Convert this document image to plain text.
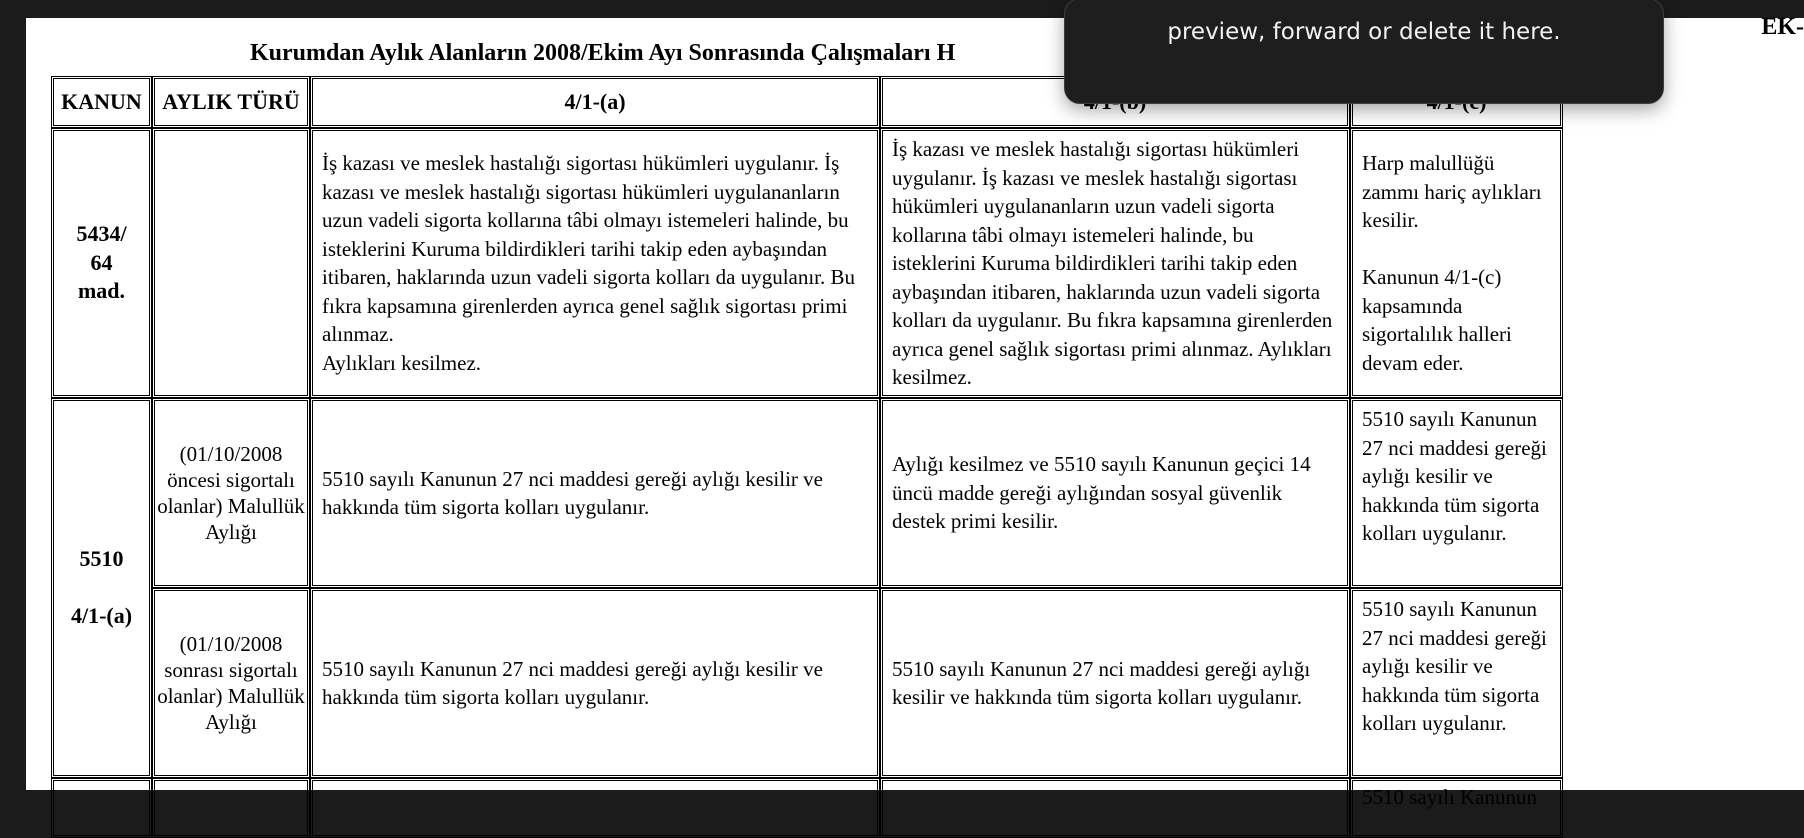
EK-
Kurumdan Aylık Alanların 2008/Ekim Ayı Sonrasında Çalışmaları H
KANUN AYLIK TÜRÜ	4/1-(a)
5434/ 64
mad.
İş kazası ve meslek hastalığı sigortası hükümleri uygulanır. İş kazası ve meslek hastalığı sigortası hükümleri uygulananların uzun vadeli sigorta kollarına tâbi olmayı istemeleri halinde, bu isteklerini Kuruma bildirdikleri tarihi takip eden aybaşından itibaren, haklarında uzun vadeli sigorta kolları da uygulanır. Bu fıkra kapsamına girenlerden ayrıca genel sağlık sigortası primi alınmaz.
Aylıkları kesilmez.
İş kazası ve meslek hastalığı sigortası hükümleri uygulanır. İş kazası ve meslek hastalığı sigortası hükümleri uygulananların uzun vadeli sigorta kollarına tâbi olmayı istemeleri halinde, bu isteklerini Kuruma bildirdikleri tarihi takip eden aybaşından itibaren, haklarında uzun vadeli sigorta kolları da uygulanır. Bu fıkra kapsamına girenlerden ayrıca genel sağlık sigortası primi alınmaz. Aylıkları kesilmez.
Harp malullüğü zammı hariç aylıkları kesilir.

Kanunun 4/1-(c) kapsamında sigortalılık halleri devam eder.
5510

4/1-(a)
(01/10/2008 öncesi sigortalı olanlar) Malullük Aylığı
5510 sayılı Kanunun 27 nci maddesi gereği aylığı kesilir ve hakkında tüm sigorta kolları uygulanır.
Aylığı kesilmez ve 5510 sayılı Kanunun geçici 14 üncü madde gereği aylığından sosyal güvenlik destek primi kesilir.
5510 sayılı Kanunun 27 nci maddesi gereği aylığı kesilir ve hakkında tüm sigorta kolları uygulanır.
(01/10/2008 sonrası sigortalı olanlar) Malullük Aylığı
5510 sayılı Kanunun 27 nci maddesi gereği aylığı kesilir ve hakkında tüm sigorta kolları uygulanır.
5510 sayılı Kanunun 27 nci maddesi gereği aylığı kesilir ve hakkında tüm sigorta kolları uygulanır.
5510 sayılı Kanunun 27 nci maddesi gereği aylığı kesilir ve hakkında tüm sigorta kolları uygulanır.
5510 sayılı Kanunun
preview, forward or delete it here.
